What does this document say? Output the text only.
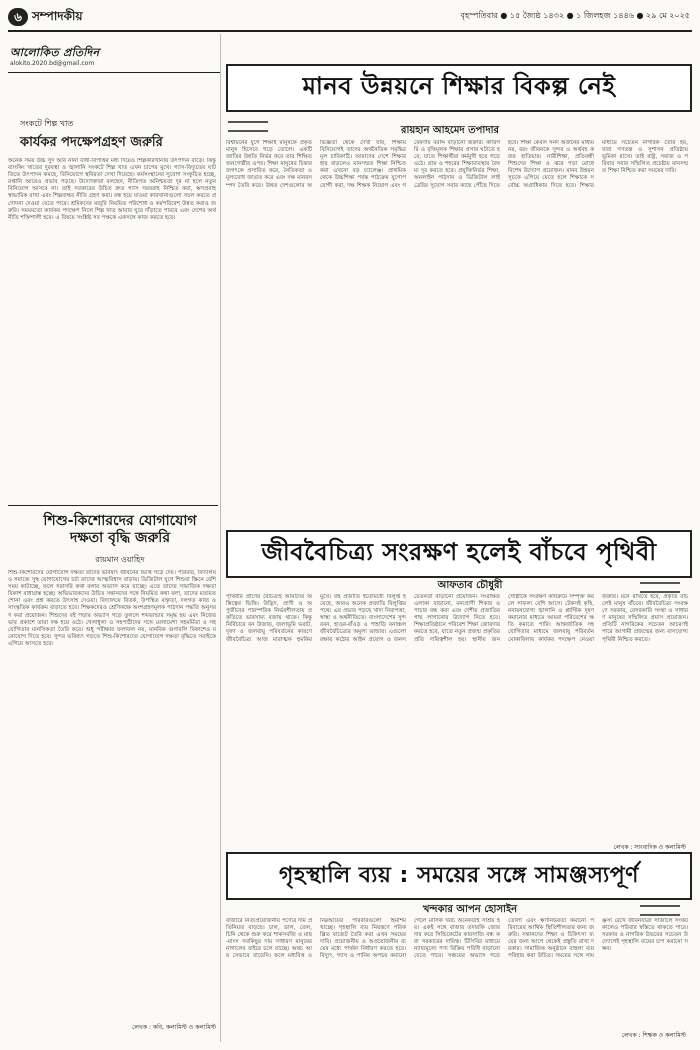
৬ সম্পাদকীয়	বৃহস্পতিবার ● ১৫ জ্যৈষ্ঠ ১৪৩২ ● ১ জিলহজ ১৪৪৬ ● ২৯ মে ২০২৫
আলোকিত প্রতিদিন
alokito.2020.bd@gmail.com
সংকটে শিল্প খাত
কার্যকর পদক্ষেপগ্রহণ জরুরি
অনেক সময় উচ্চ সুদ আর নানা বাধা-বিপত্তির মধ্য দিয়েও শিল্পকারখানায় উৎপাদন বাড়ে। কিন্তু ব্যাংকিং খাতের দুরবস্থা ও জ্বালানি সংকটে শিল্প খাত এখন চাপের মুখে। গ্যাস-বিদ্যুতের ঘাটতিতে উৎপাদন কমছে, বিনিয়োগে স্থবিরতা দেখা দিয়েছে। কর্মসংস্থানের সুযোগ সংকুচিত হচ্ছে, রপ্তানি আয়েও প্রভাব পড়ছে। উদ্যোক্তারা বলছেন, নীতিগত অনিশ্চয়তা দূর না হলে নতুন বিনিয়োগ আসবে না। তাই সরকারের উচিত দ্রুত গ্যাস সরবরাহ নিশ্চিত করা, ঋণপ্রবাহ স্বাভাবিক রাখা এবং শিল্পবান্ধব নীতি গ্রহণ করা। বন্ধ হয়ে যাওয়া কারখানাগুলো সচল করতে প্রণোদনা দেওয়া যেতে পারে। শ্রমিকদের মজুরি নিয়মিত পরিশোধ ও কর্মপরিবেশ উন্নত করাও জরুরি। সময়মতো কার্যকর পদক্ষেপ নিলে শিল্প খাত আবার ঘুরে দাঁড়াতে পারবে এবং দেশের অর্থনীতি শক্তিশালী হবে। এ বিষয়ে সংশ্লিষ্ট সব পক্ষকে একসঙ্গে কাজ করতে হবে।
শিশু-কিশোরদের যোগাযোগ দক্ষতা বৃদ্ধি জরুরি
রায়মান ওয়াহিদ
শিশু-কিশোরদের যোগাযোগ দক্ষতা তাদের ভবিষ্যৎ জীবনের ভিত্তি গড়ে দেয়। পরিবার, বিদ্যালয় ও সমাজে সুস্থ যোগাযোগের চর্চা তাদের আত্মবিশ্বাস বাড়ায়। ডিজিটাল যুগে শিশুরা স্ক্রিনে বেশি সময় কাটাচ্ছে, ফলে সরাসরি কথা বলার অভ্যাস কমে যাচ্ছে। এতে তাদের সামাজিক দক্ষতা বিকাশ বাধাগ্রস্ত হচ্ছে। অভিভাবকদের উচিত সন্তানদের সঙ্গে নিয়মিত কথা বলা, তাদের মতামত শোনা এবং প্রশ্ন করতে উৎসাহ দেওয়া। বিদ্যালয়ে বিতর্ক, উপস্থিত বক্তৃতা, দলগত কাজ ও সাংস্কৃতিক কার্যক্রম বাড়াতে হবে। শিক্ষকদেরও শ্রেণিকক্ষে অংশগ্রহণমূলক পাঠদান পদ্ধতি অনুসরণ করা প্রয়োজন। শিশুদের বই পড়ার অভ্যাস গড়ে তুললে শব্দভান্ডার সমৃদ্ধ হয় এবং নিজের ভাব প্রকাশে তারা দক্ষ হয়ে ওঠে। খেলাধুলা ও সহপাঠীদের সঙ্গে মেলামেশা সহমর্মিতা ও সহযোগিতার মানসিকতা তৈরি করে। শুধু পরীক্ষার ফলাফল নয়, মানবিক গুণাবলি বিকাশেও মনোযোগ দিতে হবে। সুন্দর ভবিষ্যৎ গড়তে শিশু-কিশোরদের যোগাযোগ দক্ষতা বৃদ্ধিতে সবাইকে এগিয়ে আসতে হবে।
লেখক : কবি, কলামিস্ট ও কলামিস্ট
মানব উন্নয়নে শিক্ষার বিকল্প নেই
রায়হান আহমেদ তপাদার
বিশ্বায়নের যুগে শিক্ষাই মানুষকে প্রকৃত মানুষ হিসেবে গড়ে তোলে। একটি জাতির উন্নতি নির্ভর করে তার শিক্ষিত জনগোষ্ঠীর ওপর। শিক্ষা মানুষের চিন্তার জগৎকে প্রসারিত করে, নৈতিকতা ও মূল্যবোধ জাগ্রত করে এবং দক্ষ মানবসম্পদ তৈরি করে। উন্নত দেশগুলোর অভিজ্ঞতা থেকে দেখা যায়, শিক্ষায় বিনিয়োগই তাদের অর্থনৈতিক সমৃদ্ধির মূল চাবিকাঠি। আমাদের দেশে শিক্ষার হার বাড়লেও মানসম্মত শিক্ষা নিশ্চিত করা এখনো বড় চ্যালেঞ্জ। প্রাথমিক থেকে উচ্চশিক্ষা পর্যন্ত পাঠ্যক্রম যুগোপযোগী করা, দক্ষ শিক্ষক নিয়োগ এবং গবেষণায় বরাদ্দ বাড়ানো জরুরি। কারিগরি ও বৃত্তিমূলক শিক্ষার প্রসার ঘটাতে হবে, যাতে শিক্ষার্থীরা কর্মমুখী হয়ে গড়ে ওঠে। গ্রাম ও শহরের শিক্ষাব্যবস্থার বৈষম্য দূর করতে হবে। প্রযুক্তিনির্ভর শিক্ষা, অনলাইন পাঠদান ও ডিজিটাল লাইব্রেরির সুযোগ সবার কাছে পৌঁছে দিতে হবে। শিক্ষা কেবল সনদ অর্জনের মাধ্যম নয়, বরং জীবনকে সুন্দর ও অর্থবহ করার হাতিয়ার। নারীশিক্ষা, প্রতিবন্ধী শিশুদের শিক্ষা ও ঝরে পড়া রোধে বিশেষ উদ্যোগ প্রয়োজন। মানব উন্নয়ন সূচকে এগিয়ে যেতে হলে শিক্ষাকে সর্বোচ্চ অগ্রাধিকার দিতে হবে। শিক্ষার মাধ্যমে সচেতন নাগরিক তৈরি হয়, যারা গণতন্ত্র ও সুশাসন প্রতিষ্ঠায় ভূমিকা রাখে। তাই রাষ্ট্র, সমাজ ও পরিবার সবার সম্মিলিত প্রচেষ্টায় মানসম্মত শিক্ষা নিশ্চিত করা সময়ের দাবি।
জীববৈচিত্র্য সংরক্ষণ হলেই বাঁচবে পৃথিবী
আফতাব চৌধুরী
পৃথিবীর প্রাণের বৈচিত্র্যই আমাদের অস্তিত্বের ভিত্তি। উদ্ভিদ, প্রাণী ও অণুজীবের পারস্পরিক নির্ভরশীলতায় প্রকৃতিতে ভারসাম্য বজায় থাকে। কিন্তু নির্বিচারে বন উজাড়, জলাভূমি ভরাট, দূষণ ও জলবায়ু পরিবর্তনের কারণে জীববৈচিত্র্য আজ মারাত্মক হুমকির মুখে। বহু প্রজাতি ইতোমধ্যে বিলুপ্ত হয়েছে, আরও অনেক প্রজাতি বিলুপ্তির পথে। এর প্রভাব পড়ছে খাদ্য নিরাপত্তা, স্বাস্থ্য ও অর্থনীতিতে। বাংলাদেশের সুন্দরবন, হাওর-বাঁওড় ও পাহাড়ি বনাঞ্চল জীববৈচিত্র্যের অমূল্য ভান্ডার। এগুলো রক্ষায় কঠোর আইন প্রয়োগ ও জনসচেতনতা বাড়ানো প্রয়োজন। সংরক্ষিত এলাকা বাড়ানো, বন্যপ্রাণী শিকার ও পাচার বন্ধ করা এবং দেশীয় প্রজাতির গাছ লাগানোর উদ্যোগ নিতে হবে। শিক্ষাপ্রতিষ্ঠানে পরিবেশ শিক্ষা জোরদার করতে হবে, যাতে নতুন প্রজন্ম প্রকৃতির প্রতি দায়িত্বশীল হয়। স্থানীয় জনগোষ্ঠীকে সংরক্ষণ কার্যক্রমে সম্পৃক্ত করলে সাফল্য বেশি আসে। টেকসই কৃষি, নবায়নযোগ্য জ্বালানি ও প্লাস্টিক দূষণ কমানোর মাধ্যমে আমরা পরিবেশের ক্ষতি কমাতে পারি। আন্তর্জাতিক সহযোগিতার মাধ্যমে জলবায়ু পরিবর্তন মোকাবিলায় কার্যকর পদক্ষেপ নেওয়া জরুরি। মনে রাখতে হবে, প্রকৃতি বাঁচলেই মানুষ বাঁচবে। জীববৈচিত্র্য সংরক্ষণে সরকার, বেসরকারি সংস্থা ও সাধারণ মানুষের সম্মিলিত প্রয়াস প্রয়োজন। প্রতিটি নাগরিকের সচেতন আচরণই পারে আগামী প্রজন্মের জন্য বাসযোগ্য পৃথিবী নিশ্চিত করতে।
লেখক : সাংবাদিক ও কলামিস্ট
গৃহস্থালি ব্যয় : সময়ের সঙ্গে সামঞ্জস্যপূর্ণ
খন্দকার আপন হোসাইন
বাজারে নিত্যপ্রয়োজনীয় পণ্যের দাম প্রতিনিয়ত বাড়ছে। চাল, ডাল, তেল, চিনি থেকে শুরু করে শাকসবজি ও মাছ-মাংস সবকিছুর দাম সাধারণ মানুষের নাগালের বাইরে চলে যাচ্ছে। অথচ আয় সেভাবে বাড়েনি। ফলে মধ্যবিত্ত ও নিম্নআয়ের পরিবারগুলো হিমশিম খাচ্ছে। গৃহস্থালি ব্যয় নিয়ন্ত্রণে পরিকল্পিত বাজেট তৈরি করা এখন সময়ের দাবি। প্রয়োজনীয় ও অপ্রয়োজনীয় ব্যয়ের মধ্যে পার্থক্য নির্ধারণ করতে হবে। বিদ্যুৎ, গ্যাস ও পানির অপচয় কমানো গেলে মাসিক খরচ অনেকটাই সাশ্রয় হয়। একই সঙ্গে বাজার তদারকি জোরদার করে সিন্ডিকেটের কারসাজি বন্ধ করা সরকারের দায়িত্ব। টিসিবির মাধ্যমে ন্যায্যমূল্যে পণ্য বিক্রির পরিধি বাড়ানো যেতে পারে। সঞ্চয়ের অভ্যাস গড়ে তোলা এবং ঋণনির্ভরতা কমানো পরিবারের আর্থিক স্থিতিশীলতার জন্য জরুরি। সন্তানদের শিক্ষা ও চিকিৎসা ব্যয়ের জন্য আগে থেকেই প্রস্তুতি রাখা দরকার। সামাজিক অনুষ্ঠানে বাহুল্য ব্যয় পরিহার করা উচিত। সময়ের সঙ্গে সামঞ্জস্য রেখে জীবনযাত্রা সাজালে সংকটকালেও পরিবার স্বস্তিতে থাকতে পারে। সরকার ও নাগরিক উভয়ের সচেতন উদ্যোগেই গৃহস্থালি ব্যয়ের চাপ কমানো সম্ভব।
লেখক : শিক্ষক ও কলামিস্ট
